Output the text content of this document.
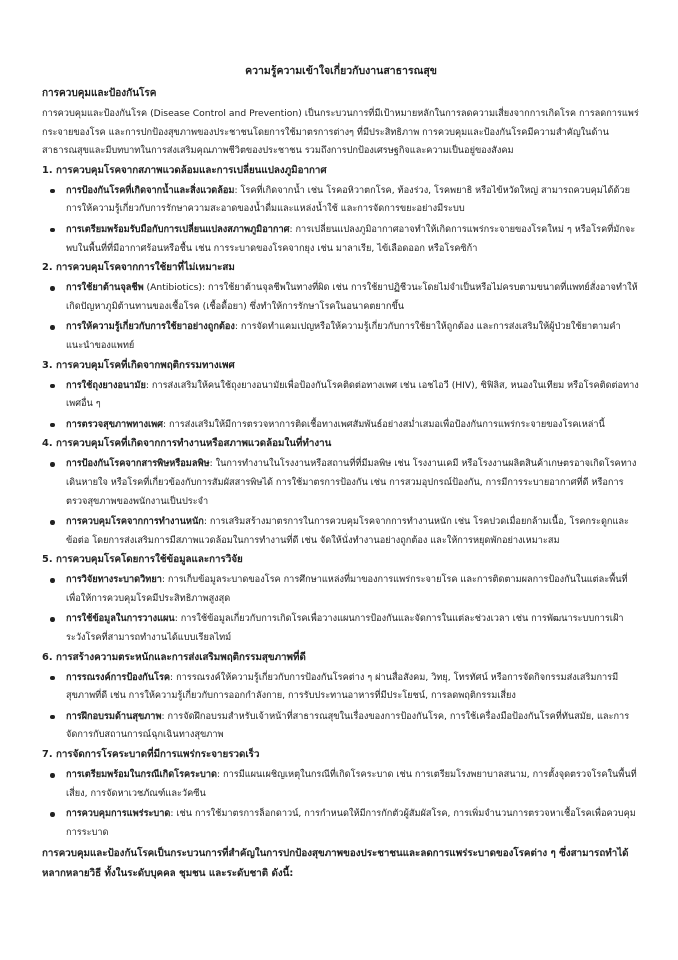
ความรู้ความเข้าใจเกี่ยวกับงานสาธารณสุข
การควบคุมและป้องกันโรค

การควบคุมและป้องกันโรค (Disease Control and Prevention) เป็นกระบวนการที่มีเป้าหมายหลักในการลดความเสี่ยงจากการเกิดโรค การลดการแพร่กระจายของโรค และการปกป้องสุขภาพของประชาชนโดยการใช้มาตรการต่างๆ ที่มีประสิทธิภาพ การควบคุมและป้องกันโรคมีความสำคัญในด้านสาธารณสุขและมีบทบาทในการส่งเสริมคุณภาพชีวิตของประชาชน รวมถึงการปกป้องเศรษฐกิจและความเป็นอยู่ของสังคม

1. การควบคุมโรคจากสภาพแวดล้อมและการเปลี่ยนแปลงภูมิอากาศ
การป้องกันโรคที่เกิดจากน้ำและสิ่งแวดล้อม: โรคที่เกิดจากน้ำ เช่น โรคอหิวาตกโรค, ท้องร่วง, โรคพยาธิ หรือไข้หวัดใหญ่ สามารถควบคุมได้ด้วยการให้ความรู้เกี่ยวกับการรักษาความสะอาดของน้ำดื่มและแหล่งน้ำใช้ และการจัดการขยะอย่างมีระบบ
การเตรียมพร้อมรับมือกับการเปลี่ยนแปลงสภาพภูมิอากาศ: การเปลี่ยนแปลงภูมิอากาศอาจทำให้เกิดการแพร่กระจายของโรคใหม่ ๆ หรือโรคที่มักจะพบในพื้นที่ที่มีอากาศร้อนหรือชื้น เช่น การระบาดของโรคจากยุง เช่น มาลาเรีย, ไข้เลือดออก หรือโรคซิก้า
2. การควบคุมโรคจากการใช้ยาที่ไม่เหมาะสม
การใช้ยาต้านจุลชีพ (Antibiotics): การใช้ยาต้านจุลชีพในทางที่ผิด เช่น การใช้ยาปฏิชีวนะโดยไม่จำเป็นหรือไม่ครบตามขนาดที่แพทย์สั่งอาจทำให้เกิดปัญหาภูมิต้านทานของเชื้อโรค (เชื้อดื้อยา) ซึ่งทำให้การรักษาโรคในอนาคตยากขึ้น
การให้ความรู้เกี่ยวกับการใช้ยาอย่างถูกต้อง: การจัดทำแคมเปญหรือให้ความรู้เกี่ยวกับการใช้ยาให้ถูกต้อง และการส่งเสริมให้ผู้ป่วยใช้ยาตามคำแนะนำของแพทย์
3. การควบคุมโรคที่เกิดจากพฤติกรรมทางเพศ
การใช้ถุงยางอนามัย: การส่งเสริมให้คนใช้ถุงยางอนามัยเพื่อป้องกันโรคติดต่อทางเพศ เช่น เอชไอวี (HIV), ซิฟิลิส, หนองในเทียม หรือโรคติดต่อทางเพศอื่น ๆ
การตรวจสุขภาพทางเพศ: การส่งเสริมให้มีการตรวจหาการติดเชื้อทางเพศสัมพันธ์อย่างสม่ำเสมอเพื่อป้องกันการแพร่กระจายของโรคเหล่านี้
4. การควบคุมโรคที่เกิดจากการทำงานหรือสภาพแวดล้อมในที่ทำงาน
การป้องกันโรคจากสารพิษหรือมลพิษ: ในการทำงานในโรงงานหรือสถานที่ที่มีมลพิษ เช่น โรงงานเคมี หรือโรงงานผลิตสินค้าเกษตรอาจเกิดโรคทางเดินหายใจ หรือโรคที่เกี่ยวข้องกับการสัมผัสสารพิษได้ การใช้มาตรการป้องกัน เช่น การสวมอุปกรณ์ป้องกัน, การมีการระบายอากาศที่ดี หรือการตรวจสุขภาพของพนักงานเป็นประจำ
การควบคุมโรคจากการทำงานหนัก: การเสริมสร้างมาตรการในการควบคุมโรคจากการทำงานหนัก เช่น โรคปวดเมื่อยกล้ามเนื้อ, โรคกระดูกและข้อต่อ โดยการส่งเสริมการมีสภาพแวดล้อมในการทำงานที่ดี เช่น จัดให้นั่งทำงานอย่างถูกต้อง และให้การหยุดพักอย่างเหมาะสม
5. การควบคุมโรคโดยการใช้ข้อมูลและการวิจัย
การวิจัยทางระบาดวิทยา: การเก็บข้อมูลระบาดของโรค การศึกษาแหล่งที่มาของการแพร่กระจายโรค และการติดตามผลการป้องกันในแต่ละพื้นที่เพื่อให้การควบคุมโรคมีประสิทธิภาพสูงสุด
การใช้ข้อมูลในการวางแผน: การใช้ข้อมูลเกี่ยวกับการเกิดโรคเพื่อวางแผนการป้องกันและจัดการในแต่ละช่วงเวลา เช่น การพัฒนาระบบการเฝ้าระวังโรคที่สามารถทำงานได้แบบเรียลไทม์
6. การสร้างความตระหนักและการส่งเสริมพฤติกรรมสุขภาพที่ดี
การรณรงค์การป้องกันโรค: การรณรงค์ให้ความรู้เกี่ยวกับการป้องกันโรคต่าง ๆ ผ่านสื่อสังคม, วิทยุ, โทรทัศน์ หรือการจัดกิจกรรมส่งเสริมการมีสุขภาพที่ดี เช่น การให้ความรู้เกี่ยวกับการออกกำลังกาย, การรับประทานอาหารที่มีประโยชน์, การลดพฤติกรรมเสี่ยง
การฝึกอบรมด้านสุขภาพ: การจัดฝึกอบรมสำหรับเจ้าหน้าที่สาธารณสุขในเรื่องของการป้องกันโรค, การใช้เครื่องมือป้องกันโรคที่ทันสมัย, และการจัดการกับสถานการณ์ฉุกเฉินทางสุขภาพ
7. การจัดการโรคระบาดที่มีการแพร่กระจายรวดเร็ว
การเตรียมพร้อมในกรณีเกิดโรคระบาด: การมีแผนเผชิญเหตุในกรณีที่เกิดโรคระบาด เช่น การเตรียมโรงพยาบาลสนาม, การตั้งจุดตรวจโรคในพื้นที่เสี่ยง, การจัดหาเวชภัณฑ์และวัคซีน
การควบคุมการแพร่ระบาด: เช่น การใช้มาตรการล็อกดาวน์, การกำหนดให้มีการกักตัวผู้สัมผัสโรค, การเพิ่มจำนวนการตรวจหาเชื้อโรคเพื่อควบคุมการระบาด

การควบคุมและป้องกันโรคเป็นกระบวนการที่สำคัญในการปกป้องสุขภาพของประชาชนและลดการแพร่ระบาดของโรคต่าง ๆ ซึ่งสามารถทำได้หลากหลายวิธี ทั้งในระดับบุคคล ชุมชน และระดับชาติ ดังนี้:
